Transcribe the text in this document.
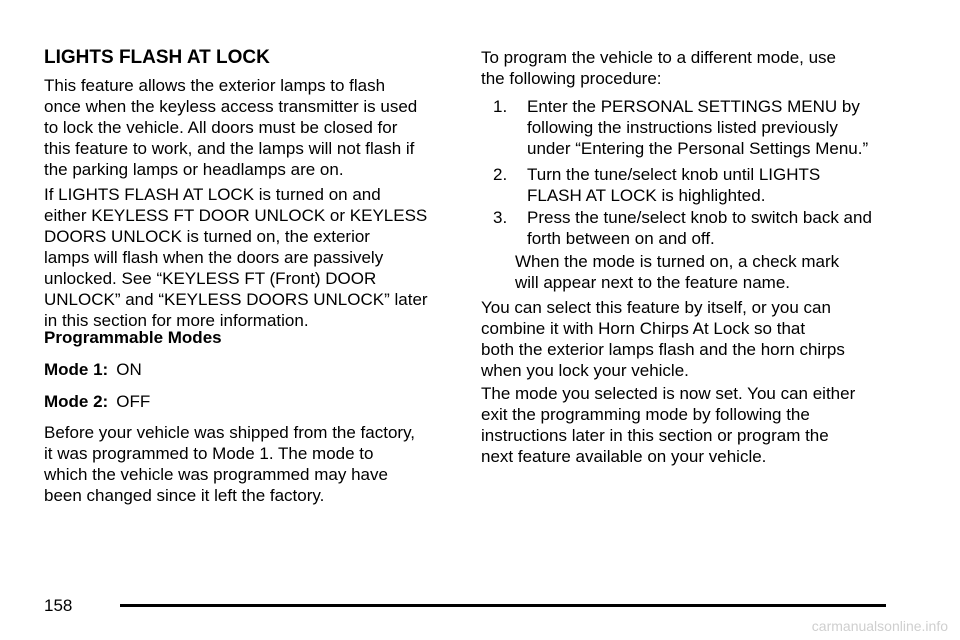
LIGHTS FLASH AT LOCK

This feature allows the exterior lamps to flash
once when the keyless access transmitter is used
to lock the vehicle. All doors must be closed for
this feature to work, and the lamps will not flash if
the parking lamps or headlamps are on.

If LIGHTS FLASH AT LOCK is turned on and
either KEYLESS FT DOOR UNLOCK or KEYLESS
DOORS UNLOCK is turned on, the exterior
lamps will flash when the doors are passively
unlocked. See “KEYLESS FT (Front) DOOR
UNLOCK” and “KEYLESS DOORS UNLOCK” later
in this section for more information.

Programmable Modes

Mode 1: ON
Mode 2: OFF

Before your vehicle was shipped from the factory,
it was programmed to Mode 1. The mode to
which the vehicle was programmed may have
been changed since it left the factory.

To program the vehicle to a different mode, use
the following procedure:

1. Enter the PERSONAL SETTINGS MENU by
following the instructions listed previously
under “Entering the Personal Settings Menu.”
2. Turn the tune/select knob until LIGHTS
FLASH AT LOCK is highlighted.
3. Press the tune/select knob to switch back and
forth between on and off.

When the mode is turned on, a check mark
will appear next to the feature name.

You can select this feature by itself, or you can
combine it with Horn Chirps At Lock so that
both the exterior lamps flash and the horn chirps
when you lock your vehicle.

The mode you selected is now set. You can either
exit the programming mode by following the
instructions later in this section or program the
next feature available on your vehicle.

158
carmanualsonline.info
